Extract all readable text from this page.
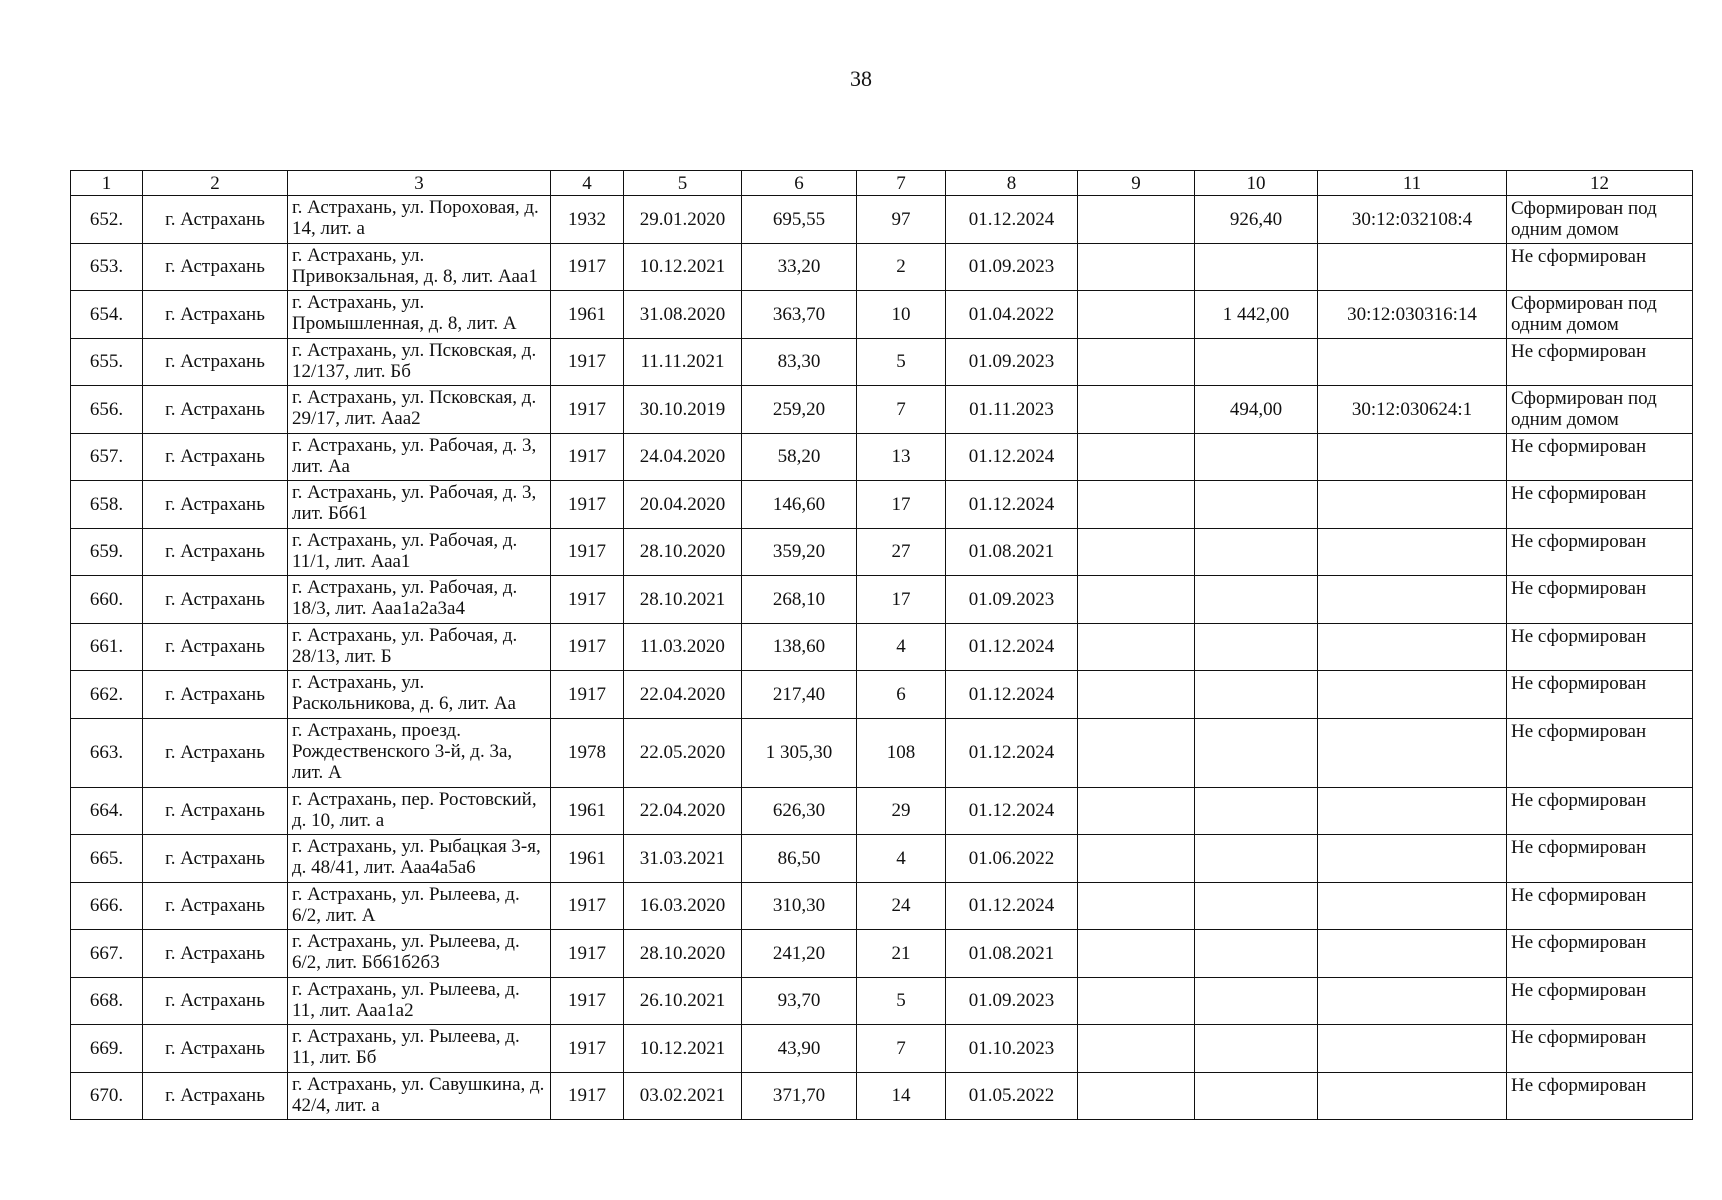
38
1	2	3	4	5	6	7	8	9	10	11	12
652.	г. Астрахань	г. Астрахань, ул. Пороховая, д. 14, лит. а	1932	29.01.2020	695,55	97	01.12.2024		926,40	30:12:032108:4	Сформирован под одним домом
653.	г. Астрахань	г. Астрахань, ул. Привокзальная, д. 8, лит. Ааа1	1917	10.12.2021	33,20	2	01.09.2023				Не сформирован
654.	г. Астрахань	г. Астрахань, ул. Промышленная, д. 8, лит. А	1961	31.08.2020	363,70	10	01.04.2022		1 442,00	30:12:030316:14	Сформирован под одним домом
655.	г. Астрахань	г. Астрахань, ул. Псковская, д. 12/137, лит. Бб	1917	11.11.2021	83,30	5	01.09.2023				Не сформирован
656.	г. Астрахань	г. Астрахань, ул. Псковская, д. 29/17, лит. Ааа2	1917	30.10.2019	259,20	7	01.11.2023		494,00	30:12:030624:1	Сформирован под одним домом
657.	г. Астрахань	г. Астрахань, ул. Рабочая, д. 3, лит. Аа	1917	24.04.2020	58,20	13	01.12.2024				Не сформирован
658.	г. Астрахань	г. Астрахань, ул. Рабочая, д. 3, лит. Бб61	1917	20.04.2020	146,60	17	01.12.2024				Не сформирован
659.	г. Астрахань	г. Астрахань, ул. Рабочая, д. 11/1, лит. Ааа1	1917	28.10.2020	359,20	27	01.08.2021				Не сформирован
660.	г. Астрахань	г. Астрахань, ул. Рабочая, д. 18/3, лит. Ааа1а2а3а4	1917	28.10.2021	268,10	17	01.09.2023				Не сформирован
661.	г. Астрахань	г. Астрахань, ул. Рабочая, д. 28/13, лит. Б	1917	11.03.2020	138,60	4	01.12.2024				Не сформирован
662.	г. Астрахань	г. Астрахань, ул. Раскольникова, д. 6, лит. Аа	1917	22.04.2020	217,40	6	01.12.2024				Не сформирован
663.	г. Астрахань	г. Астрахань, проезд. Рождественского 3-й, д. 3а, лит. А	1978	22.05.2020	1 305,30	108	01.12.2024				Не сформирован
664.	г. Астрахань	г. Астрахань, пер. Ростовский, д. 10, лит. а	1961	22.04.2020	626,30	29	01.12.2024				Не сформирован
665.	г. Астрахань	г. Астрахань, ул. Рыбацкая 3-я, д. 48/41, лит. Ааа4а5а6	1961	31.03.2021	86,50	4	01.06.2022				Не сформирован
666.	г. Астрахань	г. Астрахань, ул. Рылеева, д. 6/2, лит. А	1917	16.03.2020	310,30	24	01.12.2024				Не сформирован
667.	г. Астрахань	г. Астрахань, ул. Рылеева, д. 6/2, лит. Бб61б2б3	1917	28.10.2020	241,20	21	01.08.2021				Не сформирован
668.	г. Астрахань	г. Астрахань, ул. Рылеева, д. 11, лит. Ааа1а2	1917	26.10.2021	93,70	5	01.09.2023				Не сформирован
669.	г. Астрахань	г. Астрахань, ул. Рылеева, д. 11, лит. Бб	1917	10.12.2021	43,90	7	01.10.2023				Не сформирован
670.	г. Астрахань	г. Астрахань, ул. Савушкина, д. 42/4, лит. а	1917	03.02.2021	371,70	14	01.05.2022				Не сформирован
